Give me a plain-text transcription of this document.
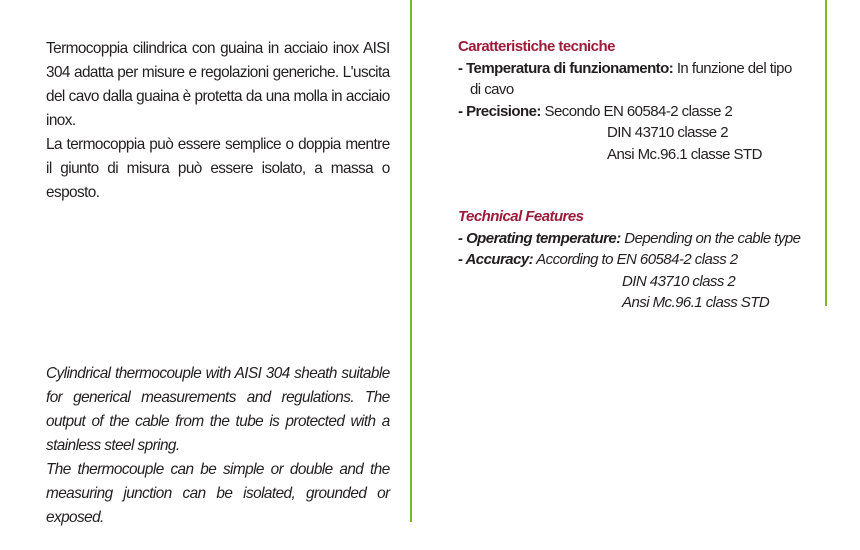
Termocoppia cilindrica con guaina in acciaio inox AISI 304 adatta per misure e regolazioni generiche. L'uscita del cavo dalla guaina è protetta da una molla in acciaio inox.

La termocoppia può essere semplice o doppia mentre il giunto di misura può essere isolato, a massa o esposto.

Cylindrical thermocouple with AISI 304 sheath suitable for generical measurements and regulations. The output of the cable from the tube is protected with a stainless steel spring.

The thermocouple can be simple or double and the measuring junction can be isolated, grounded or exposed.

Caratteristiche tecniche

- Temperatura di funzionamento: In funzione del tipo

di cavo

- Precisione: Secondo EN 60584-2 classe 2

DIN 43710 classe 2

Ansi Mc.96.1 classe STD

Technical Features

- Operating temperature: Depending on the cable type

- Accuracy: According to EN 60584-2 class 2

DIN 43710 class 2

Ansi Mc.96.1 class STD
